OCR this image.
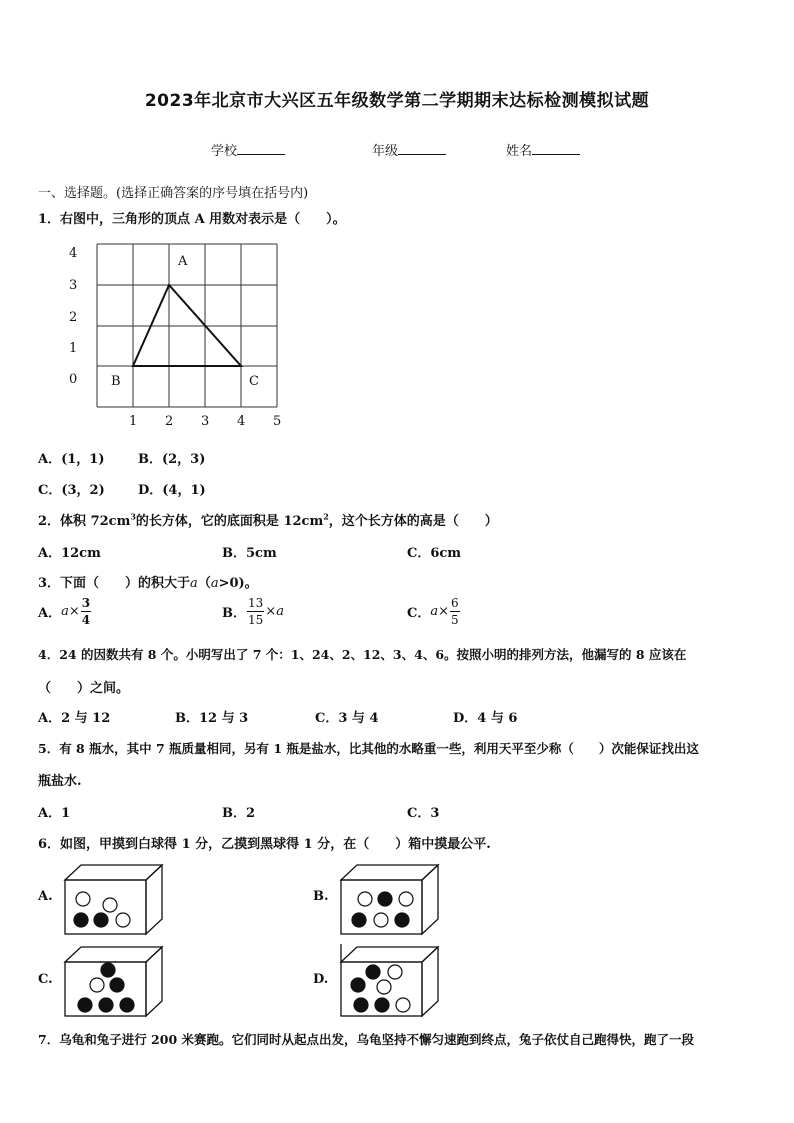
2023年北京市大兴区五年级数学第二学期期末达标检测模拟试题
学校	年级	姓名
一、选择题。(选择正确答案的序号填在括号内)
1．右图中，三角形的顶点 A 用数对表示是（　　）。
4
3
2
1
0
1 2 3 4 5
A
B	C
A．(1，1)	B．(2，3)
C．(3，2)	D．(4，1)
2．体积 $72cm^3$的长方体，它的底面积是 $12cm^2$，这个长方体的高是（　　）
A．12cm	B．5cm	C．6cm
3．下面（　　）的积大于a（a>0)。
A．$a\times \frac{3}{4}$	B． $\frac{13}{15} \times a$	C．$a\times \frac{6}{5}$
4．24 的因数共有 8 个。小明写出了 7 个：1、24、2、12、3、4、6。按照小明的排列方法，他漏写的 8 应该在
（　　）之间。
A．2 与 12	B．12 与 3	C．3 与 4	D．4 与 6
5．有 8 瓶水，其中 7 瓶质量相同，另有 1 瓶是盐水，比其他的水略重一些，利用天平至少称（　　）次能保证找出这
瓶盐水.
A．1	B．2	C．3
6．如图，甲摸到白球得 1 分，乙摸到黑球得 1 分，在（　　）箱中摸最公平.
A.	B.
C.	D.
7．乌龟和兔子进行 200 米赛跑。它们同时从起点出发，乌龟坚持不懈匀速跑到终点，兔子依仗自己跑得快，跑了一段
